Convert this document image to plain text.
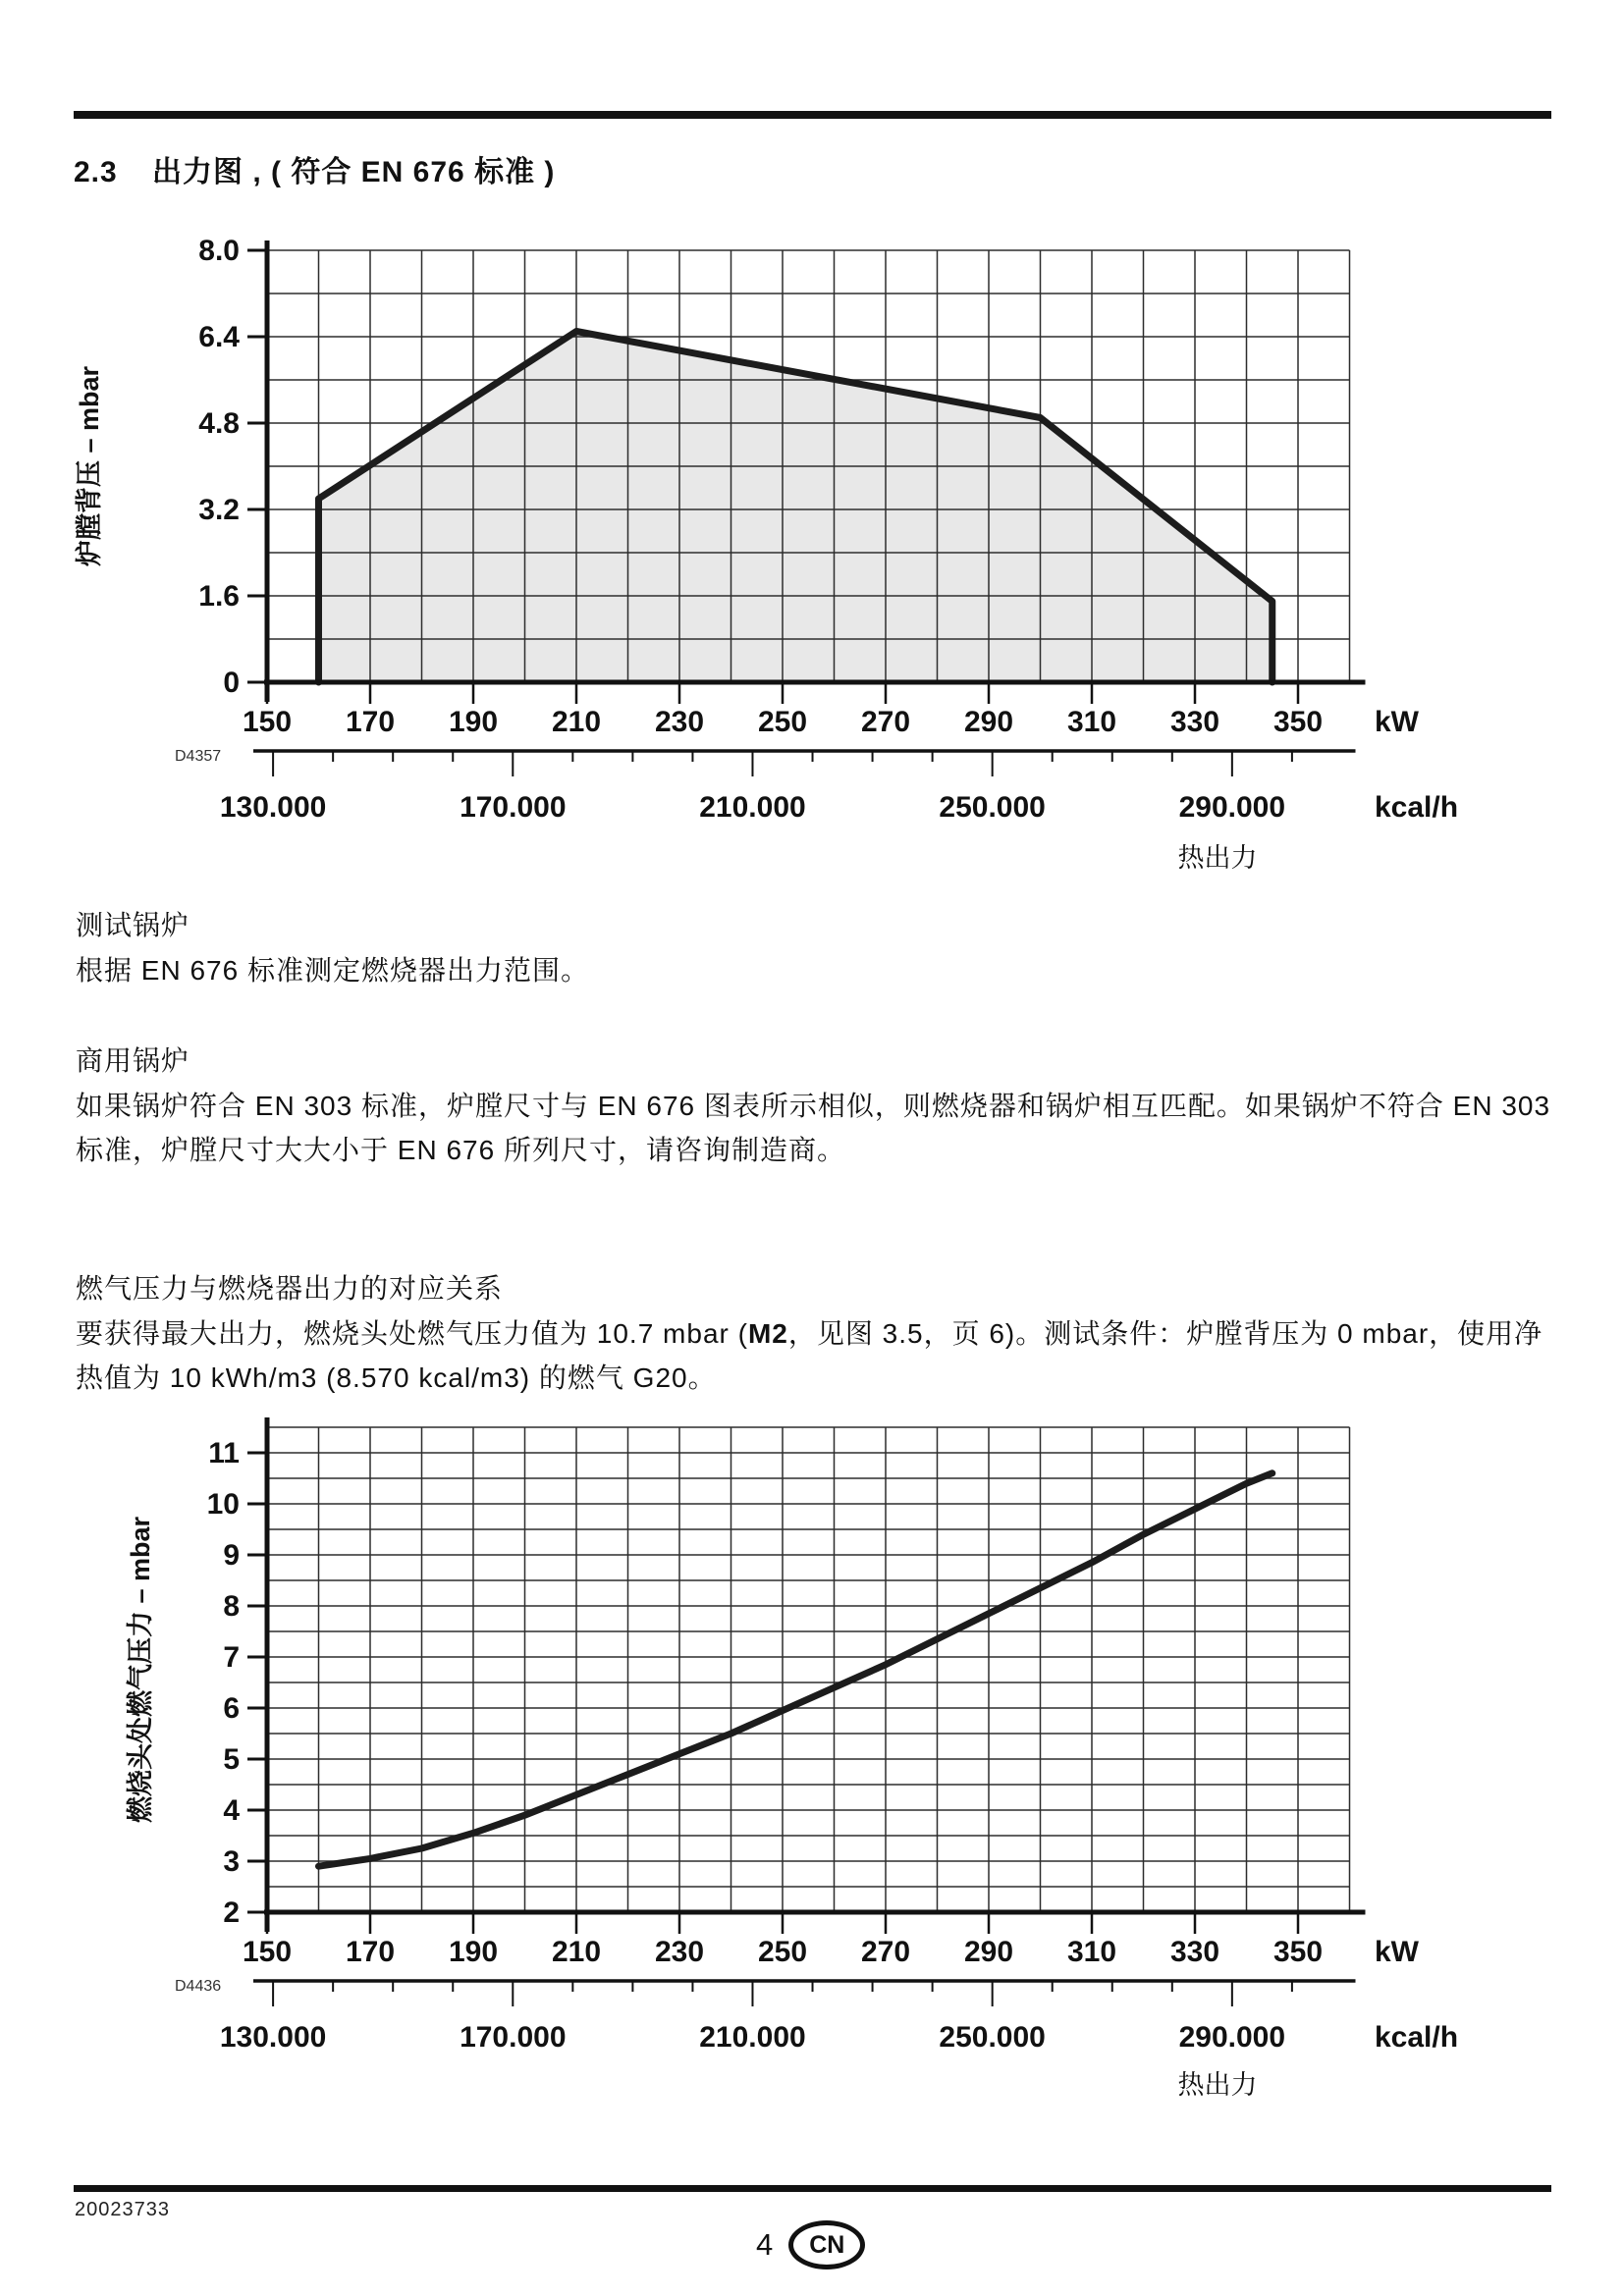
2.3 出力图 , ( 符合 EN 676 标准 )
0
1.6
3.2
4.8
6.4
8.0
150 170 190 210 230 250 270 290 310 330 350 kW
130.000	170.000	210.000	250.000	290.000	kcal/h
热出力
D4357
炉膛背压 – mbar
测试锅炉
根据 EN 676 标准测定燃烧器出力范围。
商用锅炉
如果锅炉符合 EN 303 标准，炉膛尺寸与 EN 676 图表所示相似，则燃烧器和锅炉相互匹配。如果锅炉不符合 EN 303 标准，炉膛尺寸大大小于 EN 676 所列尺寸，请咨询制造商。
燃气压力与燃烧器出力的对应关系
要获得最大出力，燃烧头处燃气压力值为 10.7 mbar (M2，见图 3.5，页 6)。测试条件：炉膛背压为 0 mbar，使用净热值为 10 kWh/m3 (8.570 kcal/m3) 的燃气 G20。
2
3
4
5
6
7
8
9
10
11
150 170 190 210 230 250 270 290 310 330 350 kW
130.000	170.000	210.000	250.000	290.000	kcal/h
热出力
D4436
燃烧头处燃气压力 – mbar
20023733
4 CN
